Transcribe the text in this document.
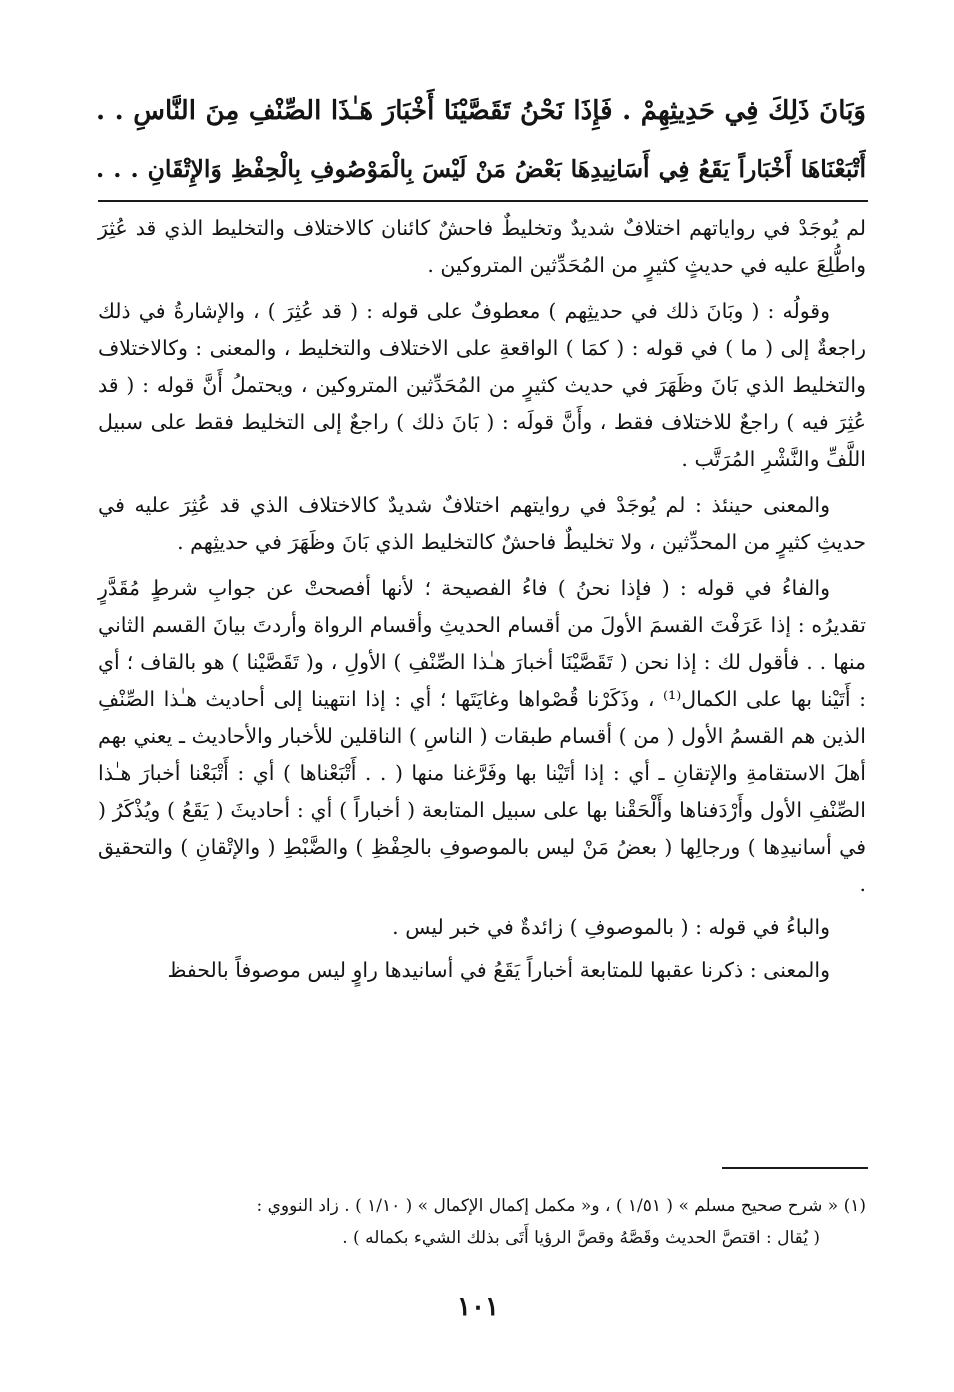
وَبَانَ ذَلِكَ فِي حَدِيثِهِمْ . فَإِذَا نَحْنُ تَقَصَّيْنَا أَخْبَارَ هَـٰذَا الصِّنْفِ مِنَ النَّاسِ . .
أَتْبَعْنَاهَا أَخْبَاراً يَقَعُ فِي أَسَانِيدِهَا بَعْضُ مَنْ لَيْسَ بِالْمَوْصُوفِ بِالْحِفْظِ وَالإِتْقَانِ . . .

لم يُوجَدْ في رواياتهم اختلافٌ شديدٌ وتخليطٌ فاحشٌ كائنان كالاختلاف والتخليط الذي قد عُثِرَ واطُّلِعَ عليه في حديثٍ كثيرٍ من المُحَدِّثين المتروكين .

وقولُه : ( وبَانَ ذلك في حديثِهم ) معطوفٌ على قوله : ( قد عُثِرَ ) ، والإشارةُ في ذلك راجعةٌ إلى ( ما ) في قوله : ( كمَا ) الواقعةِ على الاختلاف والتخليط ، والمعنى : وكالاختلاف والتخليط الذي بَانَ وظَهَرَ في حديث كثيرٍ من المُحَدِّثين المتروكين ، ويحتملُ أَنَّ قوله : ( قد عُثِرَ فيه ) راجعٌ للاختلاف فقط ، وأَنَّ قولَه : ( بَانَ ذلك ) راجعٌ إلى التخليط فقط على سبيل اللَّفِّ والنَّشْرِ المُرَتَّب .

والمعنى حينئذ : لم يُوجَدْ في روايتهم اختلافٌ شديدٌ كالاختلاف الذي قد عُثِرَ عليه في حديثِ كثيرٍ من المحدِّثين ، ولا تخليطٌ فاحشٌ كالتخليط الذي بَانَ وظَهَرَ في حديثِهم .

والفاءُ في قوله : ( فإذا نحنُ ) فاءُ الفصيحة ؛ لأنها أفصحتْ عن جوابِ شرطٍ مُقَدَّرٍ تقديرُه : إذا عَرَفْتَ القسمَ الأولَ من أقسام الحديثِ وأقسام الرواة وأردتَ بيانَ القسم الثاني منها . . فأقول لك : إذا نحن ( تَقَصَّيْنَا أخبارَ هـٰذا الصِّنْفِ ) الأولِ ، و( تَقَصَّيْنا ) هو بالقاف ؛ أي : أَتَيْنا بها على الكمال⁽¹⁾ ، وذَكَرْنا قُصْواها وغايَتَها ؛ أي : إذا انتهينا إلى أحاديث هـٰذا الصِّنْفِ الذين هم القسمُ الأول ( من ) أقسام طبقات ( الناسِ ) الناقلين للأخبار والأحاديث ـ يعني بهم أهلَ الاستقامةِ والإتقانِ ـ أي : إذا أتَيْنا بها وفَرَّغنا منها ( . . أَتْبَعْناها ) أي : أَتْبَعْنا أخبارَ هـٰذا الصِّنْفِ الأول وأَرْدَفناها وأَلْحَقْنا بها على سبيل المتابعة ( أخباراً ) أي : أحاديثَ ( يَقَعُ ) ويُذْكَرُ ( في أسانيدِها ) ورجالِها ( بعضُ مَنْ ليس بالموصوفِ بالحِفْظِ ) والضَّبْطِ ( والإتْقانِ ) والتحقيق .

والباءُ في قوله : ( بالموصوفِ ) زائدةٌ في خبر ليس .

والمعنى : ذكرنا عقبها للمتابعة أخباراً يَقَعُ في أسانيدها راوٍ ليس موصوفاً بالحفظ

(١) « شرح صحيح مسلم » ( ١/٥١ ) ، و« مكمل إكمال الإكمال » ( ١/١٠ ) . زاد النووي :
( يُقال : اقتصَّ الحديث وقَصَّهُ وقصَّ الرؤيا أَتَى بذلك الشيء بكماله ) .
١٠١
